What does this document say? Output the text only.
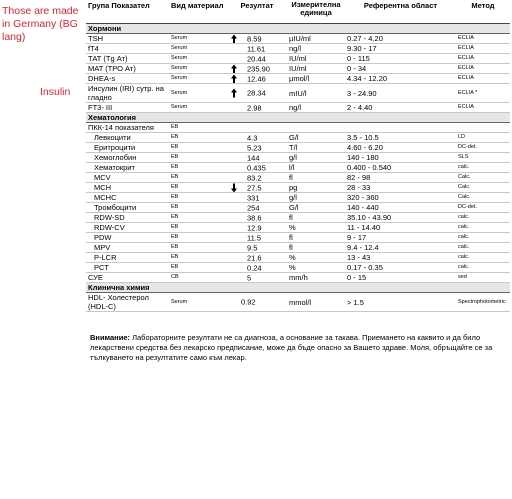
Those are made in Germany (BG lang)
Insulin
Група Показател	Вид материал	Резултат	Измерителна единица	Референтна област	Метод
Хормони					
TSH	Serum	8.59	µIU/ml	0.27 - 4.20	ECLIA
fT4	Serum	11.61	ng/l	9.30 - 17	ECLIA
ТАТ (Tg Ат)	Serum	20.44	IU/ml	0 - 115	ECLIA
MAT (ТРО Ат)	Serum	235.90	IU/ml	0 - 34	ECLIA
DHEA-s	Serum	12.46	µmol/l	4.34 - 12.20	ECLIA
Инсулин (IRI) сутр. на гладно	Serum	28.34	mIU/l	3 - 24.90	ECLIA *
FT3- III	Serum	2.98	ng/l	2 - 4.40	ECLIA
Хематология					
ПКК-14 показателя	EB	

Левкоцити	EB	4.3	G/l	3.5 - 10.5	LD
Еритроцити	EB	5.23	T/l	4.60 - 6.20	DC-det.
Хемоглобин	EB	144	g/l	140 - 180	SLS
Хематокрит	EB	0.435	l/l	0.400 - 0.540	calc.
MCV	EB	83.2	fl	82 - 98	Calc.
MCH	EB	27.5	pg	28 - 33	Calc.
MCHC	EB	331	g/l	320 - 360	Calc.
Тромбоцити	EB	254	G/l	140 - 440	DC-det.
RDW-SD	EB	38.6	fl	35.10 - 43.90	calc.
RDW-CV	EB	12.9	%	11 - 14.40	calc.
PDW	EB	11.5	fl	9 - 17	calc.
MPV	EB	9.5	fl	9.4 - 12.4	calc.
P-LCR	EB	21.6	%	13 - 43	calc.
PCT	EB	0.24	%	0.17 - 0.35	calc.
СУЕ	CB	5	mm/h	0 - 15	sed
Клинична химия					
HDL- Холестерол (HDL-C)	Serum	0.92	mmol/l	> 1.5	Spectrophotometric
Внимание: Лабораторните резултати не са диагноза, а основание за такава. Приемането на каквито и да било лекарствени средства без лекарско предписание, може да бъде опасно за Вашето здраве. Моля, обръщайте се за тълкуването на резултатите само към лекар.
